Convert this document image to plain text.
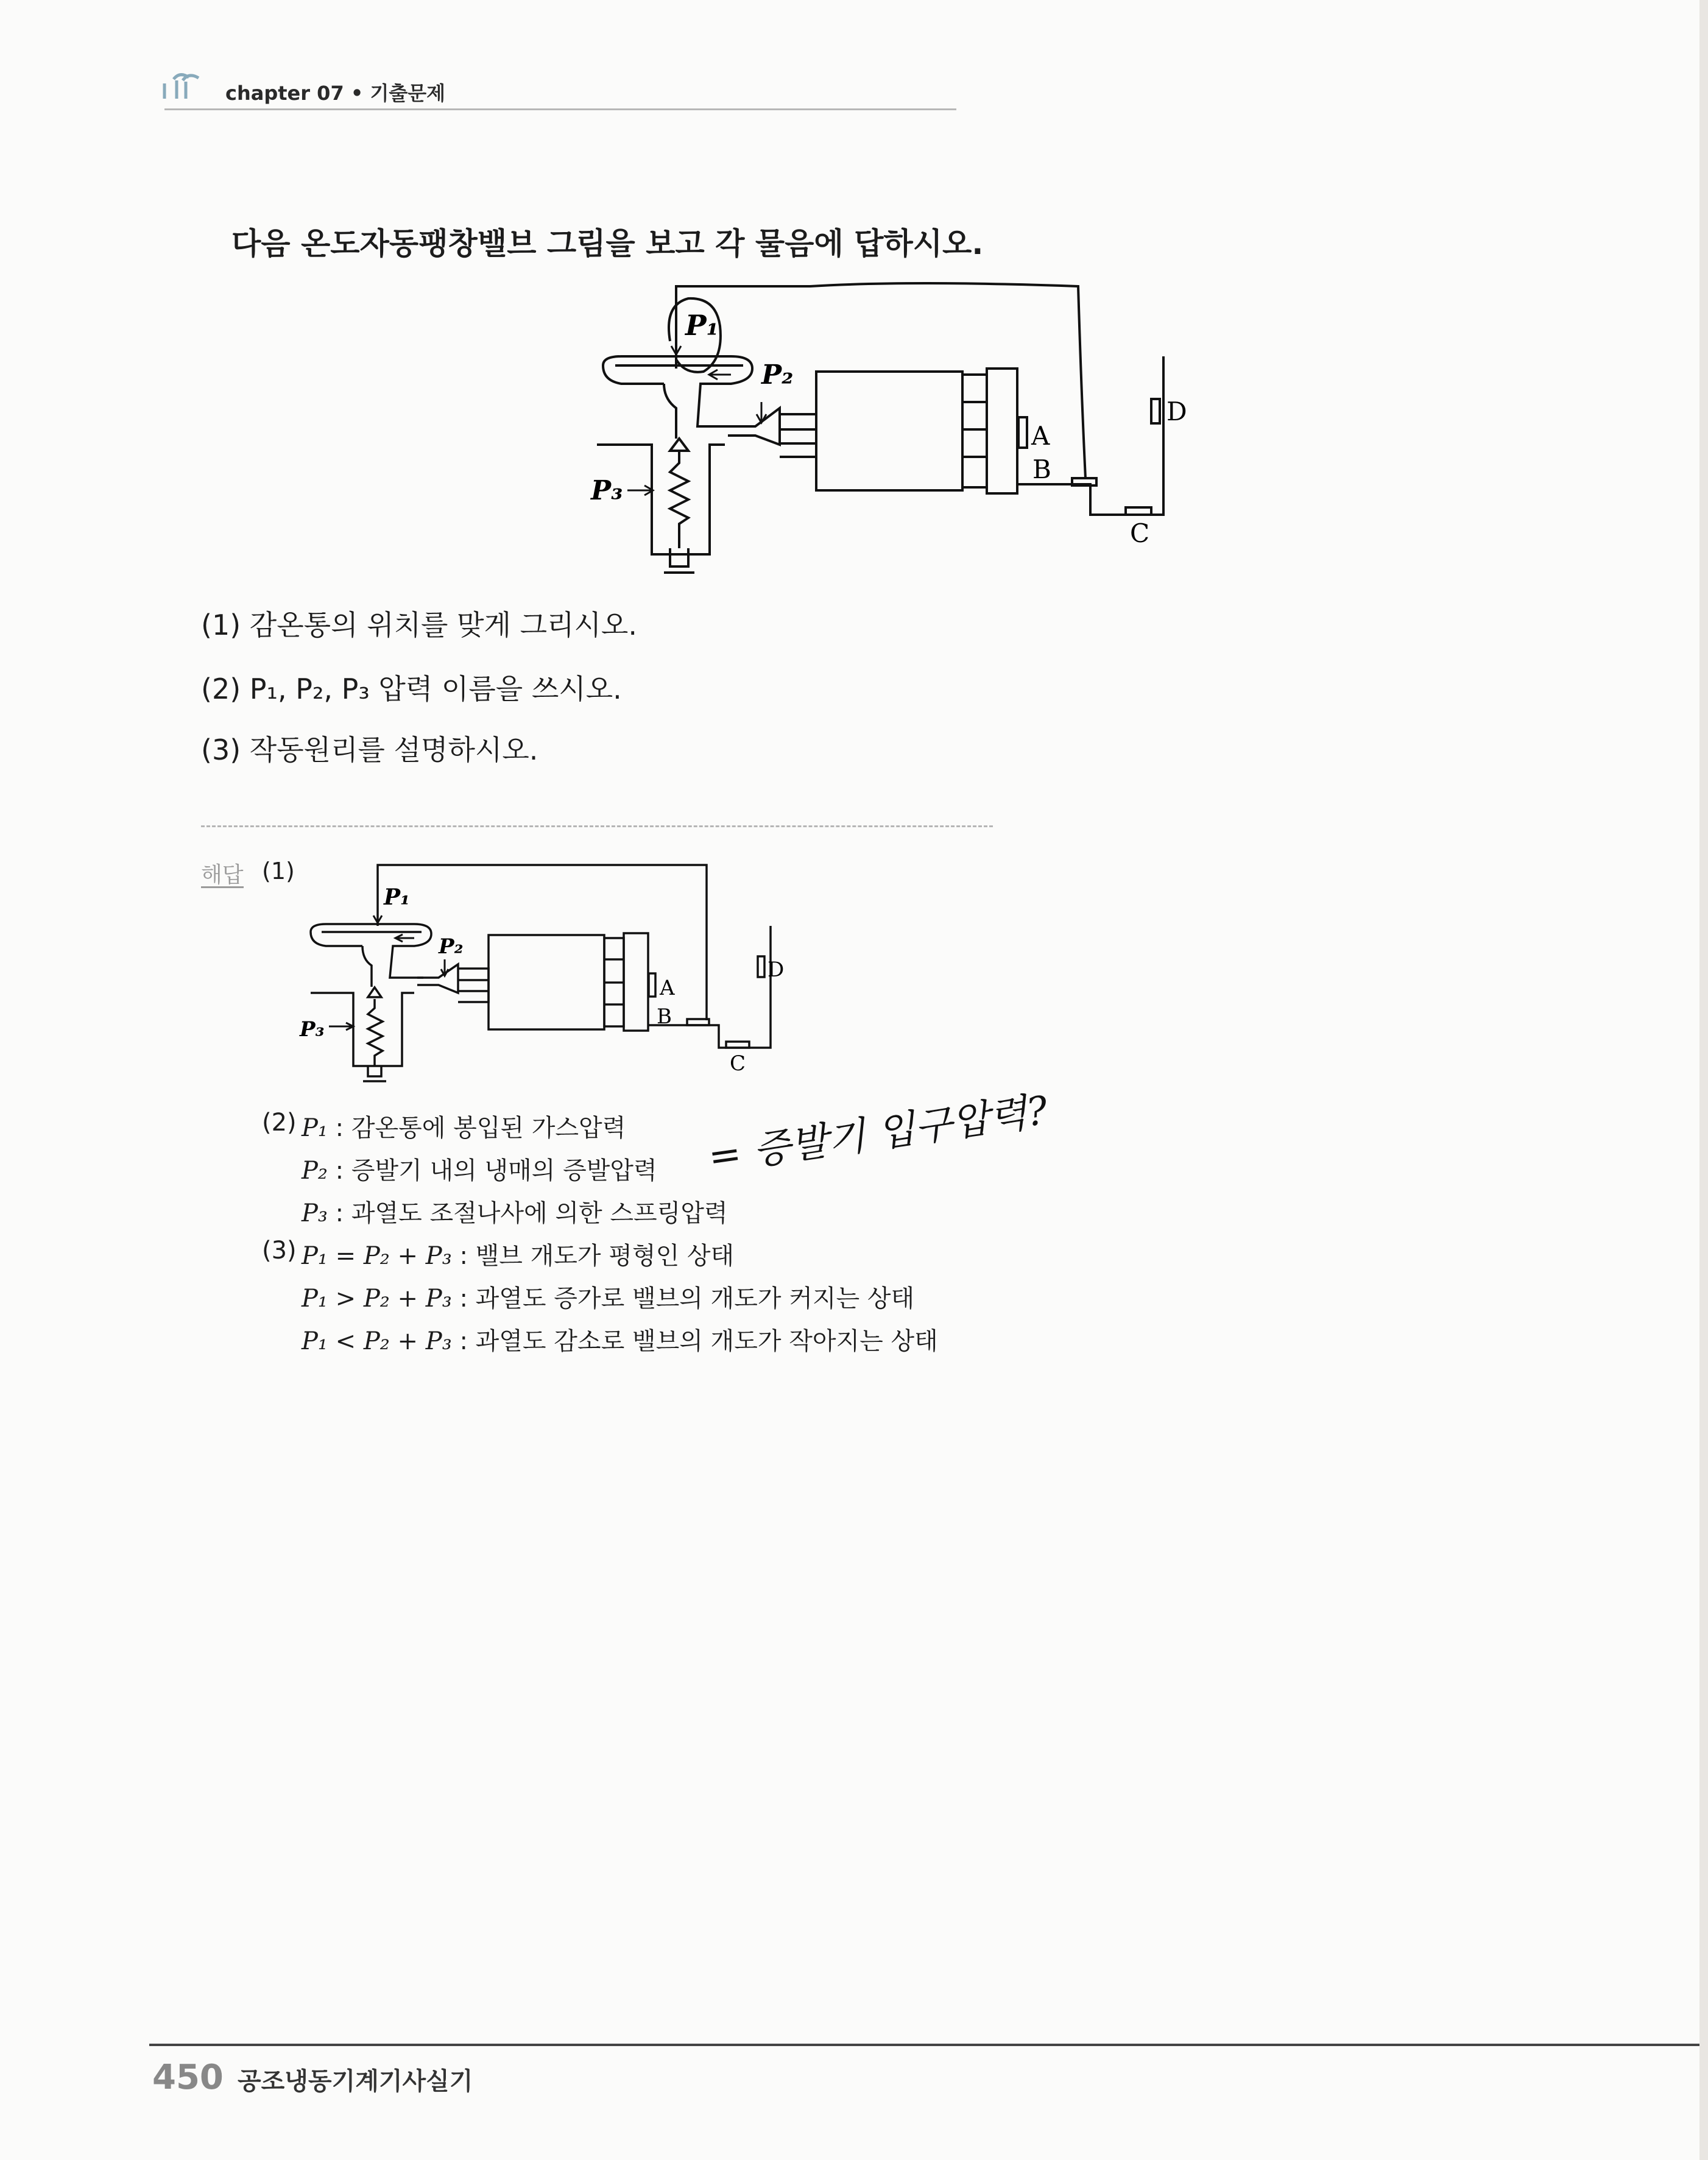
chapter 07 • 기출문제
다음 온도자동팽창밸브 그림을 보고 각 물음에 답하시오.
P₁
P₂
P₃
A
B
C
D
(1) 감온통의 위치를 맞게 그리시오.
(2) P₁, P₂, P₃ 압력 이름을 쓰시오.
(3) 작동원리를 설명하시오.
해답 (1)
P₁
P₂
P₃
A
B
C
D
(2) P₁ : 감온통에 봉입된 가스압력
P₂ : 증발기 내의 냉매의 증발압력
P₃ : 과열도 조절나사에 의한 스프링압력
= 증발기 입구압력?
(3) P₁ = P₂ + P₃ : 밸브 개도가 평형인 상태
P₁ > P₂ + P₃ : 과열도 증가로 밸브의 개도가 커지는 상태
P₁ < P₂ + P₃ : 과열도 감소로 밸브의 개도가 작아지는 상태
450 공조냉동기계기사실기
